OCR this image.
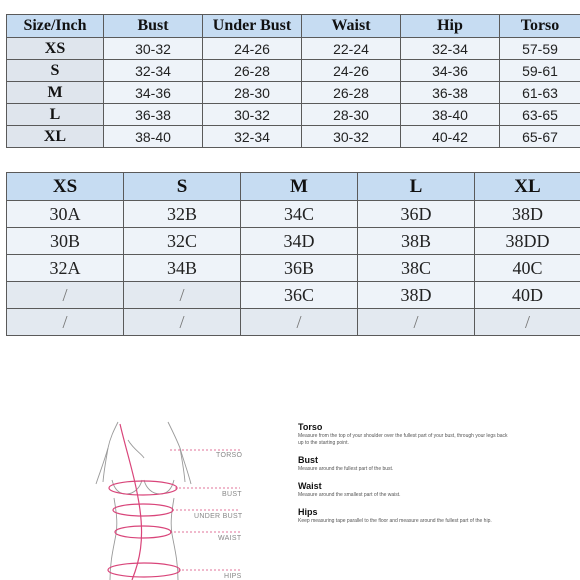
Size/Inch	Bust	Under Bust	Waist	Hip	Torso
XS	30-32	24-26	22-24	32-34	57-59
S	32-34	26-28	24-26	34-36	59-61
M	34-36	28-30	26-28	36-38	61-63
L	36-38	30-32	28-30	38-40	63-65
XL	38-40	32-34	30-32	40-42	65-67
XS	S	M	L	XL
30A	32B	34C	36D	38D
30B	32C	34D	38B	38DD
32A	34B	36B	38C	40C
/	/	36C	38D	40D
/	/	/	/	/
TORSO
BUST
UNDER BUST
WAIST
HIPS
Torso
Measure from the top of your shoulder over the fullest part of your bust, through your legs back up to the starting point.
Bust
Measure around the fullest part of the bust.
Waist
Measure around the smallest part of the waist.
Hips
Keep measuring tape parallel to the floor and measure around the fullest part of the hip.
